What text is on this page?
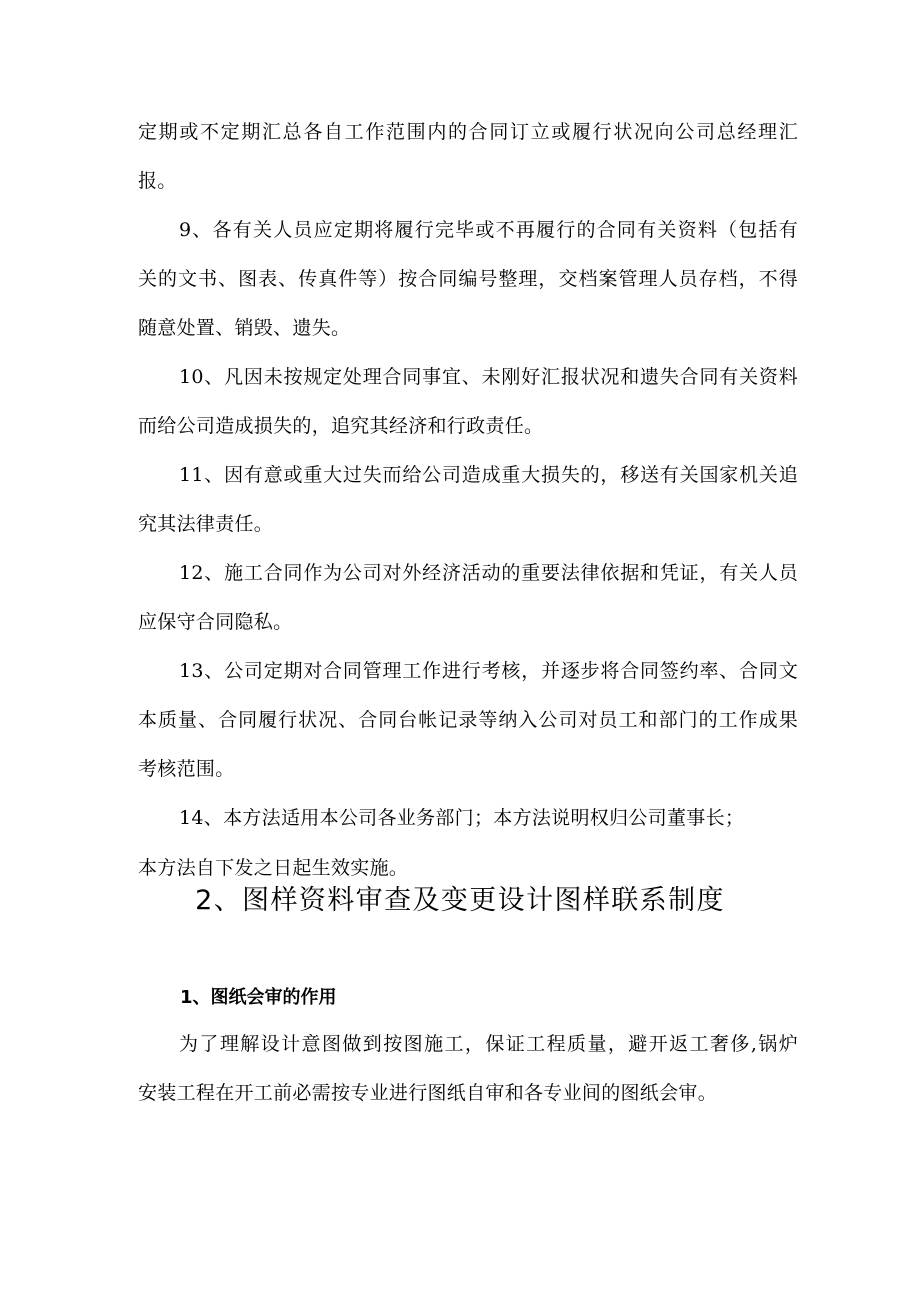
定期或不定期汇总各自工作范围内的合同订立或履行状况向公司总经理汇
报。
9、各有关人员应定期将履行完毕或不再履行的合同有关资料（包括有
关的文书、图表、传真件等）按合同编号整理，交档案管理人员存档，不得
随意处置、销毁、遗失。
10、凡因未按规定处理合同事宜、未刚好汇报状况和遗失合同有关资料
而给公司造成损失的，追究其经济和行政责任。
11、因有意或重大过失而给公司造成重大损失的，移送有关国家机关追
究其法律责任。
12、施工合同作为公司对外经济活动的重要法律依据和凭证，有关人员
应保守合同隐私。
13、公司定期对合同管理工作进行考核，并逐步将合同签约率、合同文
本质量、合同履行状况、合同台帐记录等纳入公司对员工和部门的工作成果
考核范围。
14、本方法适用本公司各业务部门；本方法说明权归公司董事长；
本方法自下发之日起生效实施。
2、图样资料审查及变更设计图样联系制度
1、图纸会审的作用
为了理解设计意图做到按图施工，保证工程质量，避开返工奢侈,锅炉
安装工程在开工前必需按专业进行图纸自审和各专业间的图纸会审。
